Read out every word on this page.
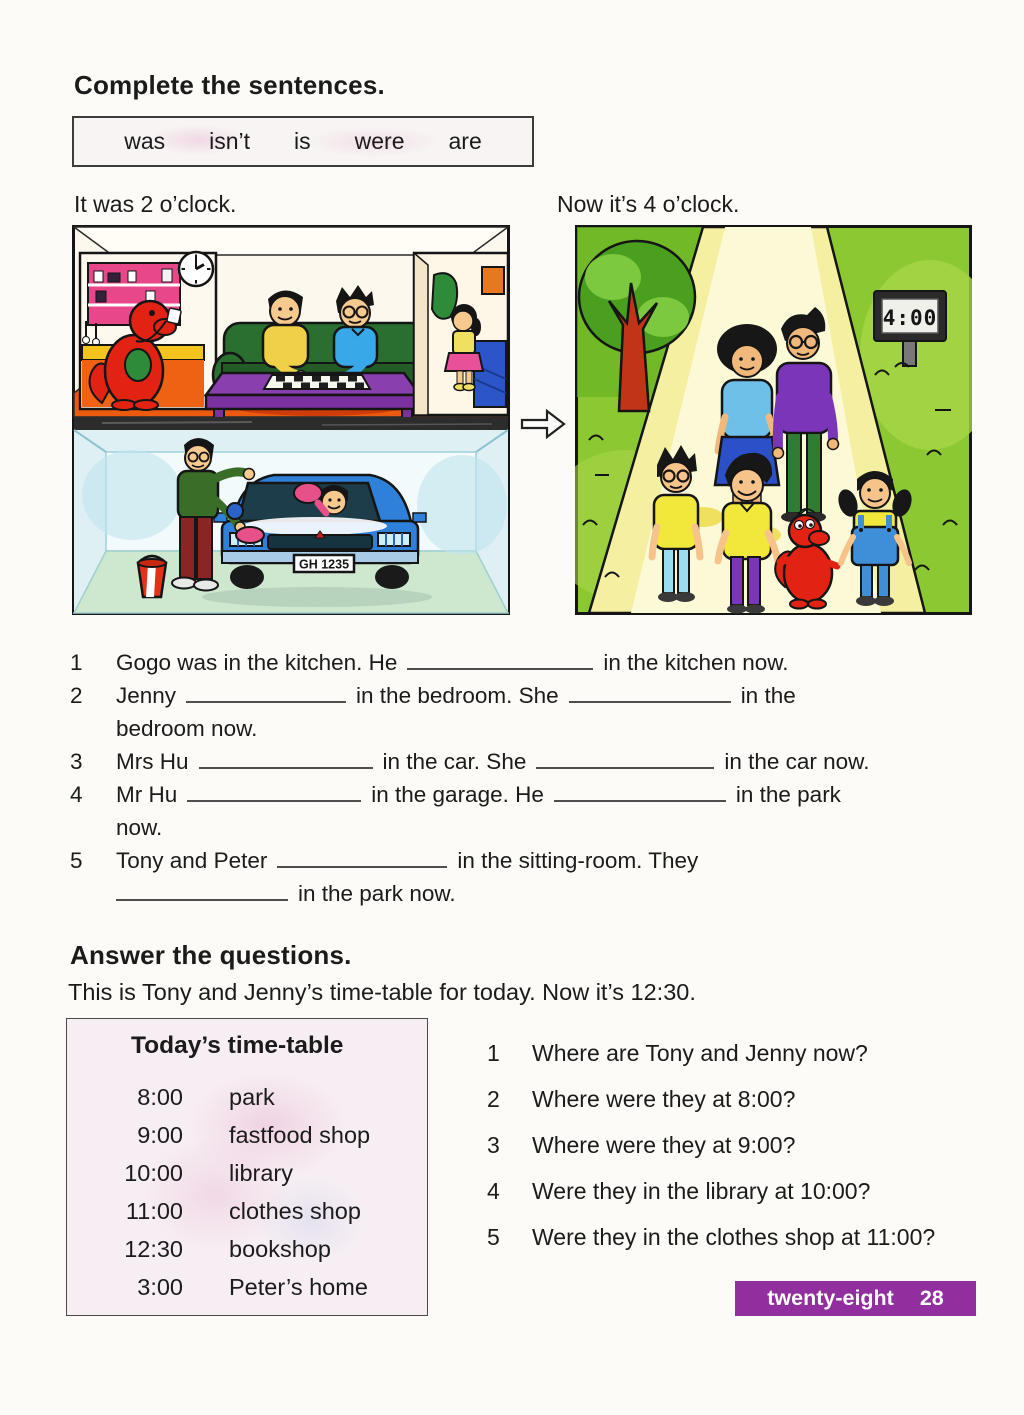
Complete the sentences.
was isn’t is were are
It was 2 o’clock.	Now it’s 4 o’clock.
GH 1235
4:00
1	Gogo was in the kitchen. He	in the kitchen now.
2	Jenny	in the bedroom. She	in the
bedroom now.
3	Mrs Hu	in the car. She	in the car now.
4	Mr Hu	in the garage. He	in the park
now.
5	Tony and Peter	in the sitting-room. They
in the park now.
Answer the questions.
This is Tony and Jenny’s time-table for today. Now it’s 12:30.
Today’s time-table
8:00	park
9:00	fastfood shop
10:00	library
11:00	clothes shop
12:30	bookshop
3:00	Peter’s home
1	Where are Tony and Jenny now?
2	Where were they at 8:00?
3	Where were they at 9:00?
4	Were they in the library at 10:00?
5	Were they in the clothes shop at 11:00?
twenty-eight 28
